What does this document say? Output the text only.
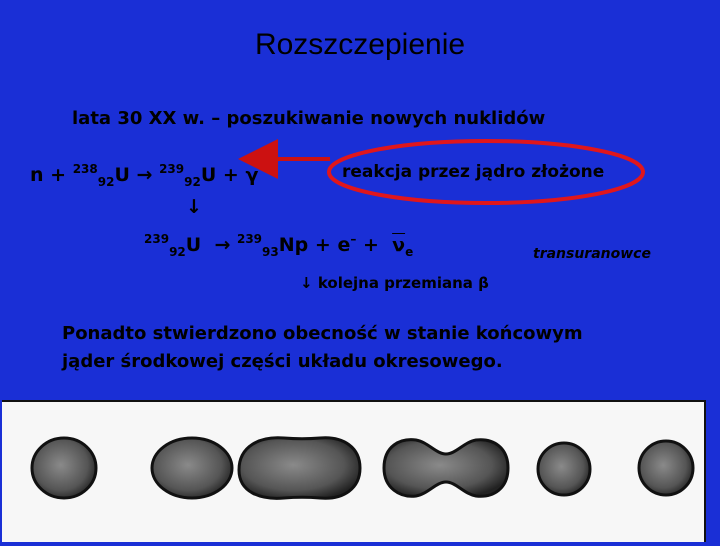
Rozszczepienie
lata 30 XX w. – poszukiwanie nowych nuklidów
n + $^{238}_{92}$U → $^{239}_{92}$U + γ
↓
$^{239}_{92}U \to ^{239}_{93}Np + e^- + \overline{\nu}_e$
reakcja przez jądro złożone
transuranowce
↓ kolejna przemiana β
Ponadto stwierdzono obecność w stanie końcowym
jąder środkowej części układu okresowego.
